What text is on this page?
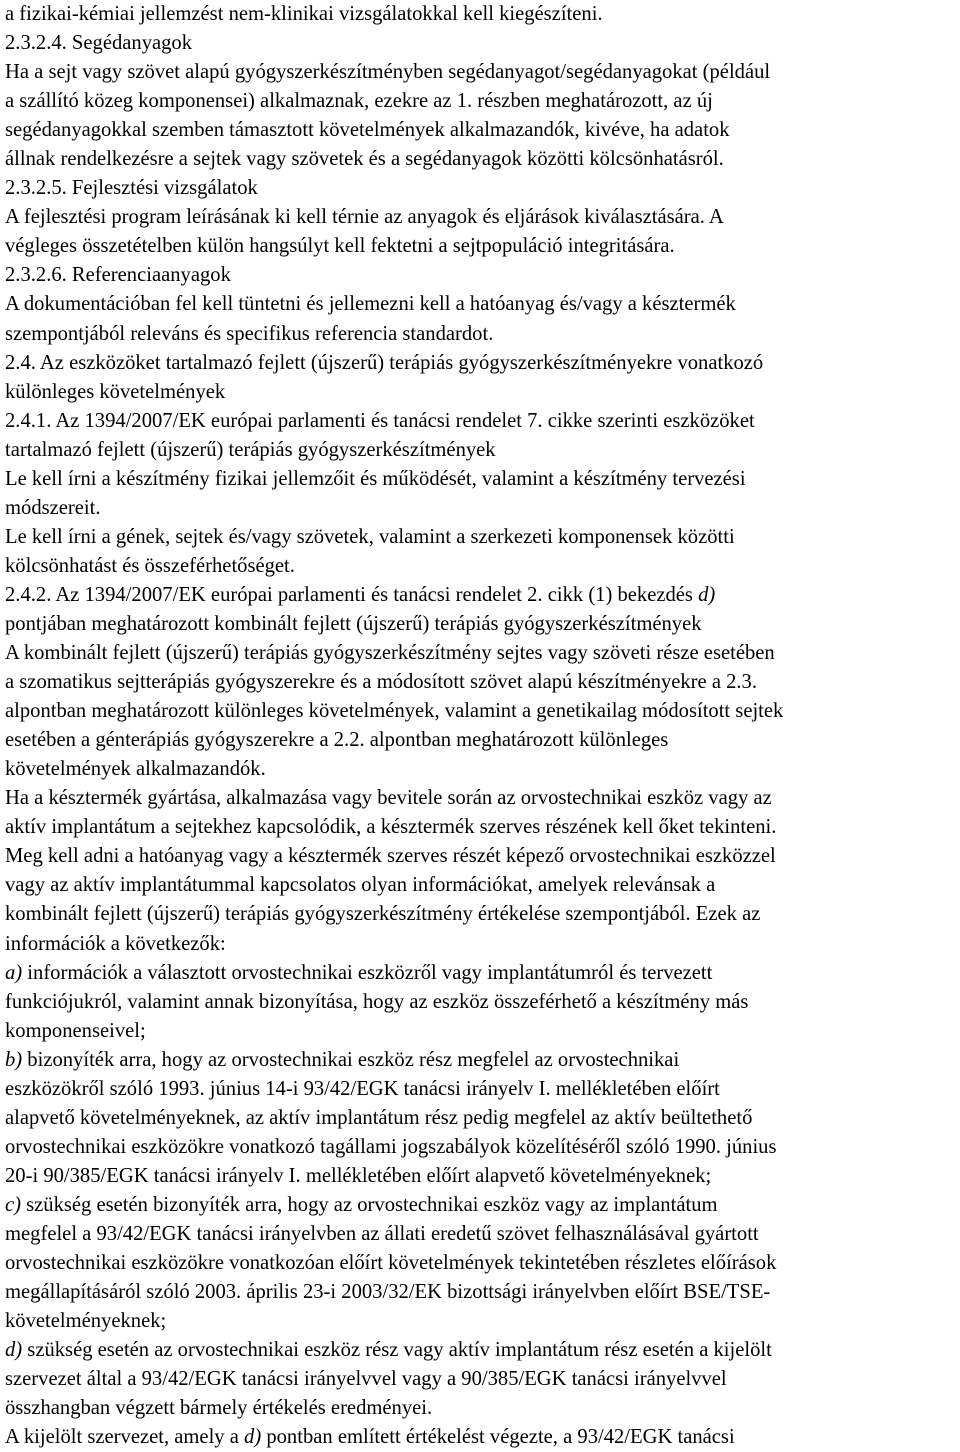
a fizikai-kémiai jellemzést nem-klinikai vizsgálatokkal kell kiegészíteni.
2.3.2.4. Segédanyagok
Ha a sejt vagy szövet alapú gyógyszerkészítményben segédanyagot/segédanyagokat (például
a szállító közeg komponensei) alkalmaznak, ezekre az 1. részben meghatározott, az új
segédanyagokkal szemben támasztott követelmények alkalmazandók, kivéve, ha adatok
állnak rendelkezésre a sejtek vagy szövetek és a segédanyagok közötti kölcsönhatásról.
2.3.2.5. Fejlesztési vizsgálatok
A fejlesztési program leírásának ki kell térnie az anyagok és eljárások kiválasztására. A
végleges összetételben külön hangsúlyt kell fektetni a sejtpopuláció integritására.
2.3.2.6. Referenciaanyagok
A dokumentációban fel kell tüntetni és jellemezni kell a hatóanyag és/vagy a késztermék
szempontjából releváns és specifikus referencia standardot.
2.4. Az eszközöket tartalmazó fejlett (újszerű) terápiás gyógyszerkészítményekre vonatkozó
különleges követelmények
2.4.1. Az 1394/2007/EK európai parlamenti és tanácsi rendelet 7. cikke szerinti eszközöket
tartalmazó fejlett (újszerű) terápiás gyógyszerkészítmények
Le kell írni a készítmény fizikai jellemzőit és működését, valamint a készítmény tervezési
módszereit.
Le kell írni a gének, sejtek és/vagy szövetek, valamint a szerkezeti komponensek közötti
kölcsönhatást és összeférhetőséget.
2.4.2. Az 1394/2007/EK európai parlamenti és tanácsi rendelet 2. cikk (1) bekezdés d)
pontjában meghatározott kombinált fejlett (újszerű) terápiás gyógyszerkészítmények
A kombinált fejlett (újszerű) terápiás gyógyszerkészítmény sejtes vagy szöveti része esetében
a szomatikus sejtterápiás gyógyszerekre és a módosított szövet alapú készítményekre a 2.3.
alpontban meghatározott különleges követelmények, valamint a genetikailag módosított sejtek
esetében a génterápiás gyógyszerekre a 2.2. alpontban meghatározott különleges
követelmények alkalmazandók.
Ha a késztermék gyártása, alkalmazása vagy bevitele során az orvostechnikai eszköz vagy az
aktív implantátum a sejtekhez kapcsolódik, a késztermék szerves részének kell őket tekinteni.
Meg kell adni a hatóanyag vagy a késztermék szerves részét képező orvostechnikai eszközzel
vagy az aktív implantátummal kapcsolatos olyan információkat, amelyek relevánsak a
kombinált fejlett (újszerű) terápiás gyógyszerkészítmény értékelése szempontjából. Ezek az
információk a következők:
a) információk a választott orvostechnikai eszközről vagy implantátumról és tervezett
funkciójukról, valamint annak bizonyítása, hogy az eszköz összeférhető a készítmény más
komponenseivel;
b) bizonyíték arra, hogy az orvostechnikai eszköz rész megfelel az orvostechnikai
eszközökről szóló 1993. június 14-i 93/42/EGK tanácsi irányelv I. mellékletében előírt
alapvető követelményeknek, az aktív implantátum rész pedig megfelel az aktív beültethető
orvostechnikai eszközökre vonatkozó tagállami jogszabályok közelítéséről szóló 1990. június
20-i 90/385/EGK tanácsi irányelv I. mellékletében előírt alapvető követelményeknek;
c) szükség esetén bizonyíték arra, hogy az orvostechnikai eszköz vagy az implantátum
megfelel a 93/42/EGK tanácsi irányelvben az állati eredetű szövet felhasználásával gyártott
orvostechnikai eszközökre vonatkozóan előírt követelmények tekintetében részletes előírások
megállapításáról szóló 2003. április 23-i 2003/32/EK bizottsági irányelvben előírt BSE/TSE-
követelményeknek;
d) szükség esetén az orvostechnikai eszköz rész vagy aktív implantátum rész esetén a kijelölt
szervezet által a 93/42/EGK tanácsi irányelvvel vagy a 90/385/EGK tanácsi irányelvvel
összhangban végzett bármely értékelés eredményei.
A kijelölt szervezet, amely a d) pontban említett értékelést végezte, a 93/42/EGK tanácsi
